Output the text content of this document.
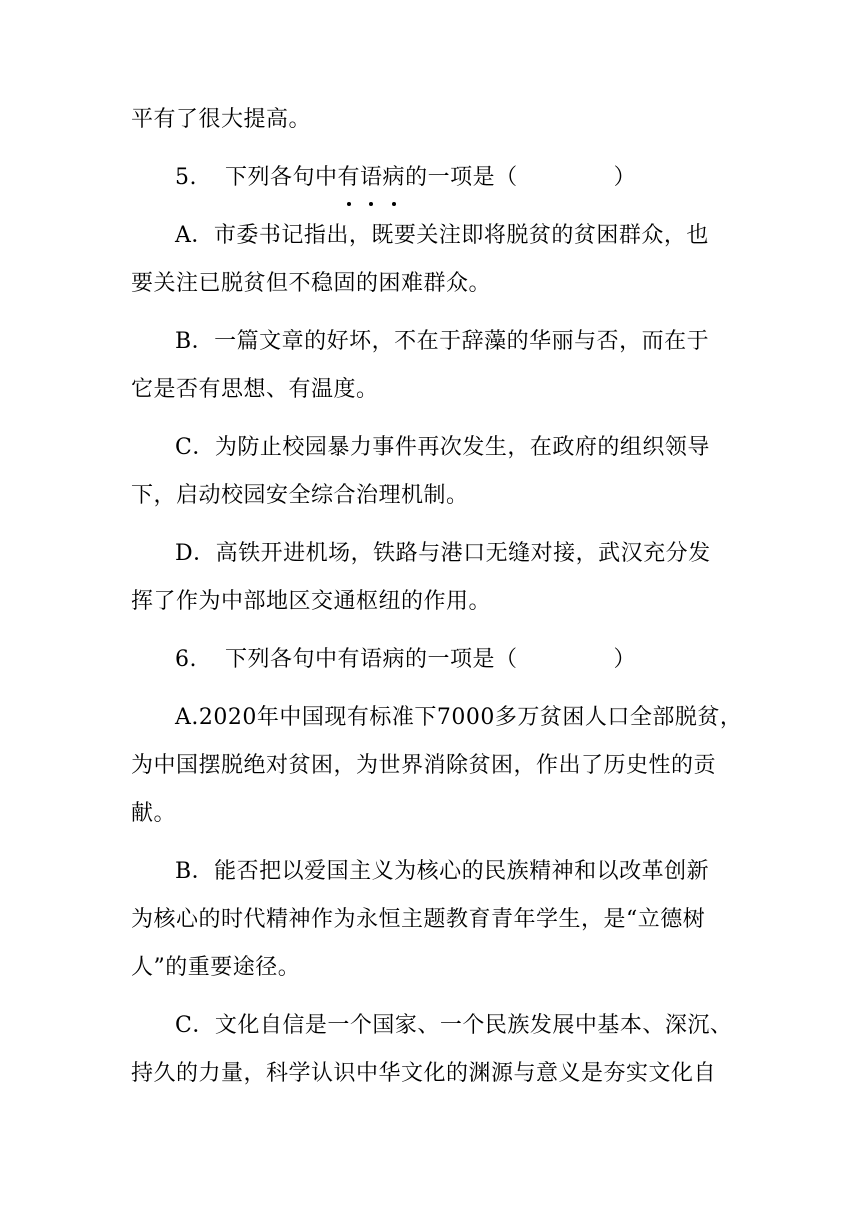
平有了很大提高。
5. 下列各句中有语病的一项是（	）
A．市委书记指出，既要关注即将脱贫的贫困群众，也
要关注已脱贫但不稳固的困难群众。
B．一篇文章的好坏，不在于辞藻的华丽与否，而在于
它是否有思想、有温度。
C．为防止校园暴力事件再次发生，在政府的组织领导
下，启动校园安全综合治理机制。
D．高铁开进机场，铁路与港口无缝对接，武汉充分发
挥了作为中部地区交通枢纽的作用。
6. 下列各句中有语病的一项是（	）
A.2020年中国现有标准下7000多万贫困人口全部脱贫，
为中国摆脱绝对贫困，为世界消除贫困，作出了历史性的贡
献。
B．能否把以爱国主义为核心的民族精神和以改革创新
为核心的时代精神作为永恒主题教育青年学生，是“立德树
人”的重要途径。
C．文化自信是一个国家、一个民族发展中基本、深沉、
持久的力量，科学认识中华文化的渊源与意义是夯实文化自
